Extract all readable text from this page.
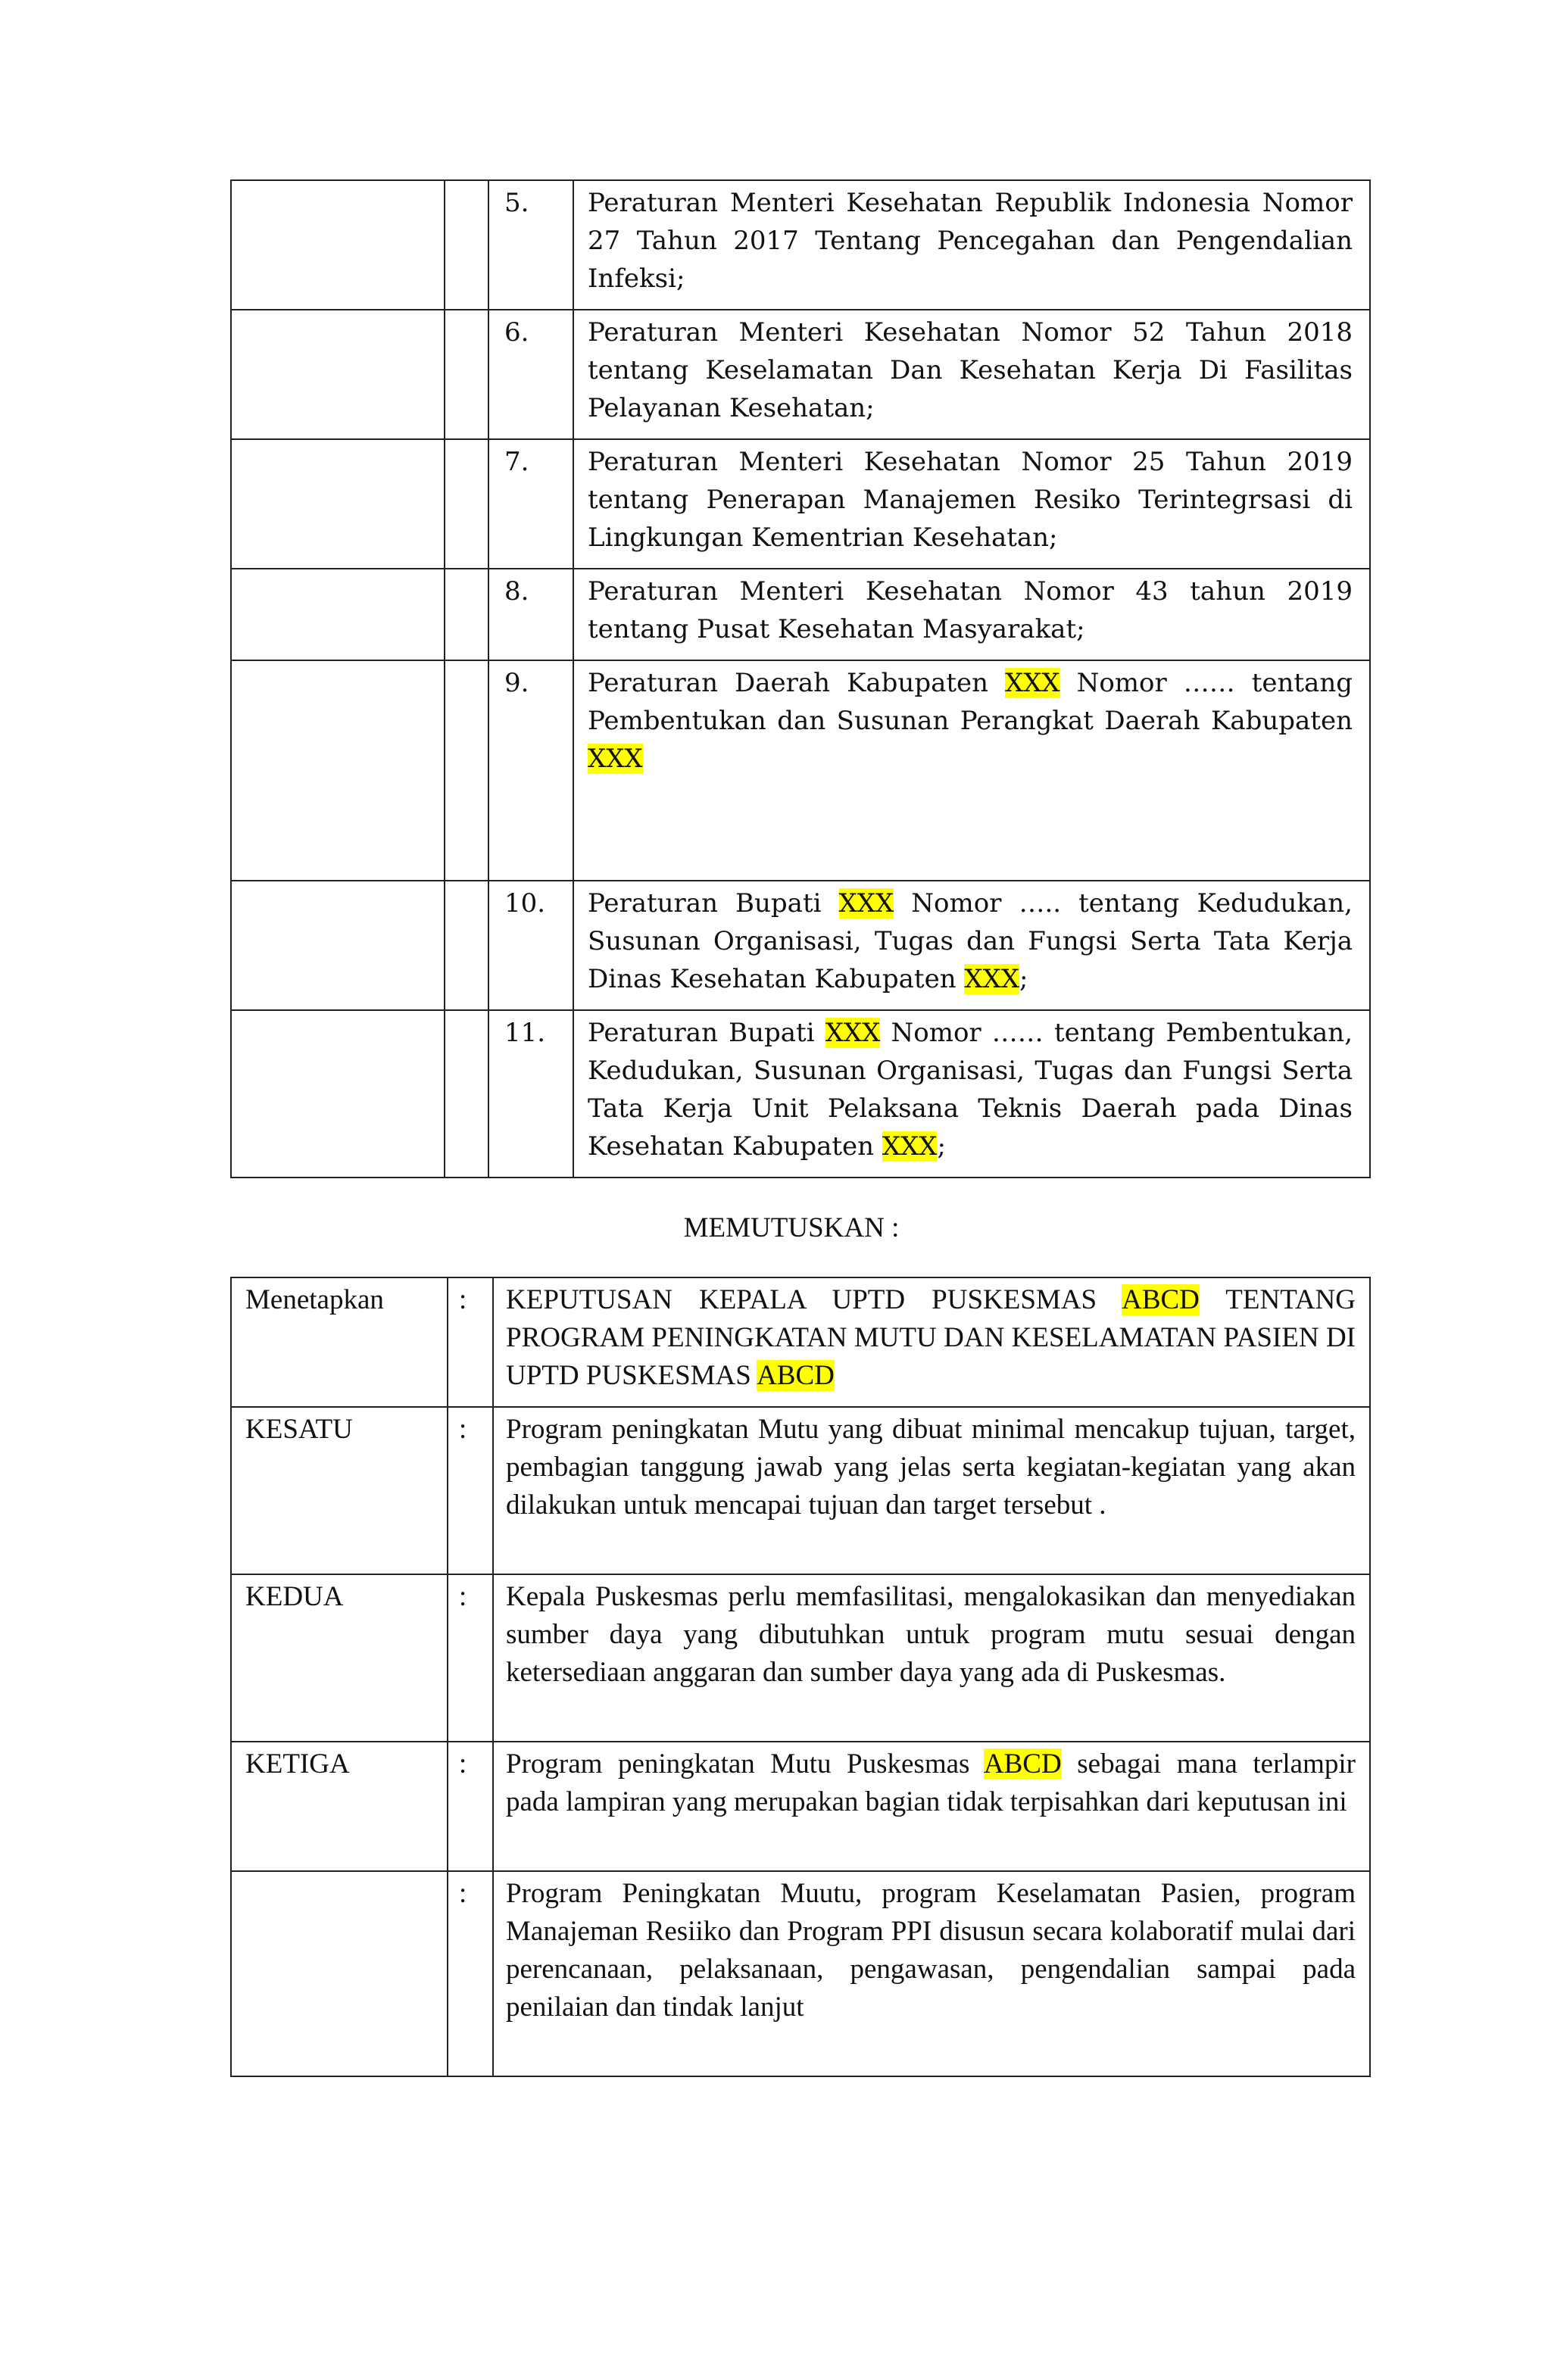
		5.	Peraturan Menteri Kesehatan Republik Indonesia Nomor 27 Tahun 2017 Tentang Pencegahan dan Pengendalian Infeksi;
		6.	Peraturan Menteri Kesehatan Nomor 52 Tahun 2018 tentang Keselamatan Dan Kesehatan Kerja Di Fasilitas Pelayanan Kesehatan;
		7.	Peraturan Menteri Kesehatan Nomor 25 Tahun 2019 tentang Penerapan Manajemen Resiko Terintegrsasi di Lingkungan Kementrian Kesehatan;
		8.	Peraturan Menteri Kesehatan Nomor 43 tahun 2019 tentang Pusat Kesehatan Masyarakat;
		9.	Peraturan Daerah Kabupaten XXX Nomor …… tentang Pembentukan dan Susunan Perangkat Daerah Kabupaten XXX
		10.	Peraturan Bupati XXX Nomor ….. tentang Kedudukan, Susunan Organisasi, Tugas dan Fungsi Serta Tata Kerja Dinas Kesehatan Kabupaten XXX;
		11.	Peraturan Bupati XXX Nomor …… tentang Pembentukan, Kedudukan, Susunan Organisasi, Tugas dan Fungsi Serta Tata Kerja Unit Pelaksana Teknis Daerah pada Dinas Kesehatan Kabupaten XXX;
MEMUTUSKAN :
Menetapkan	:	KEPUTUSAN KEPALA UPTD PUSKESMAS ABCD TENTANG PROGRAM PENINGKATAN MUTU DAN KESELAMATAN PASIEN DI UPTD PUSKESMAS ABCD
KESATU	:	Program peningkatan Mutu yang dibuat minimal mencakup tujuan, target, pembagian tanggung jawab yang jelas serta kegiatan-kegiatan yang akan dilakukan untuk mencapai tujuan dan target tersebut .
KEDUA	:	Kepala Puskesmas perlu memfasilitasi, mengalokasikan dan menyediakan sumber daya yang dibutuhkan untuk program mutu sesuai dengan ketersediaan anggaran dan sumber daya yang ada di Puskesmas.
KETIGA	:	Program peningkatan Mutu Puskesmas ABCD sebagai mana terlampir pada lampiran yang merupakan bagian tidak terpisahkan dari keputusan ini
	:	Program Peningkatan Muutu, program Keselamatan Pasien, program Manajeman Resiiko dan Program PPI disusun secara kolaboratif mulai dari perencanaan, pelaksanaan, pengawasan, pengendalian sampai pada penilaian dan tindak lanjut
